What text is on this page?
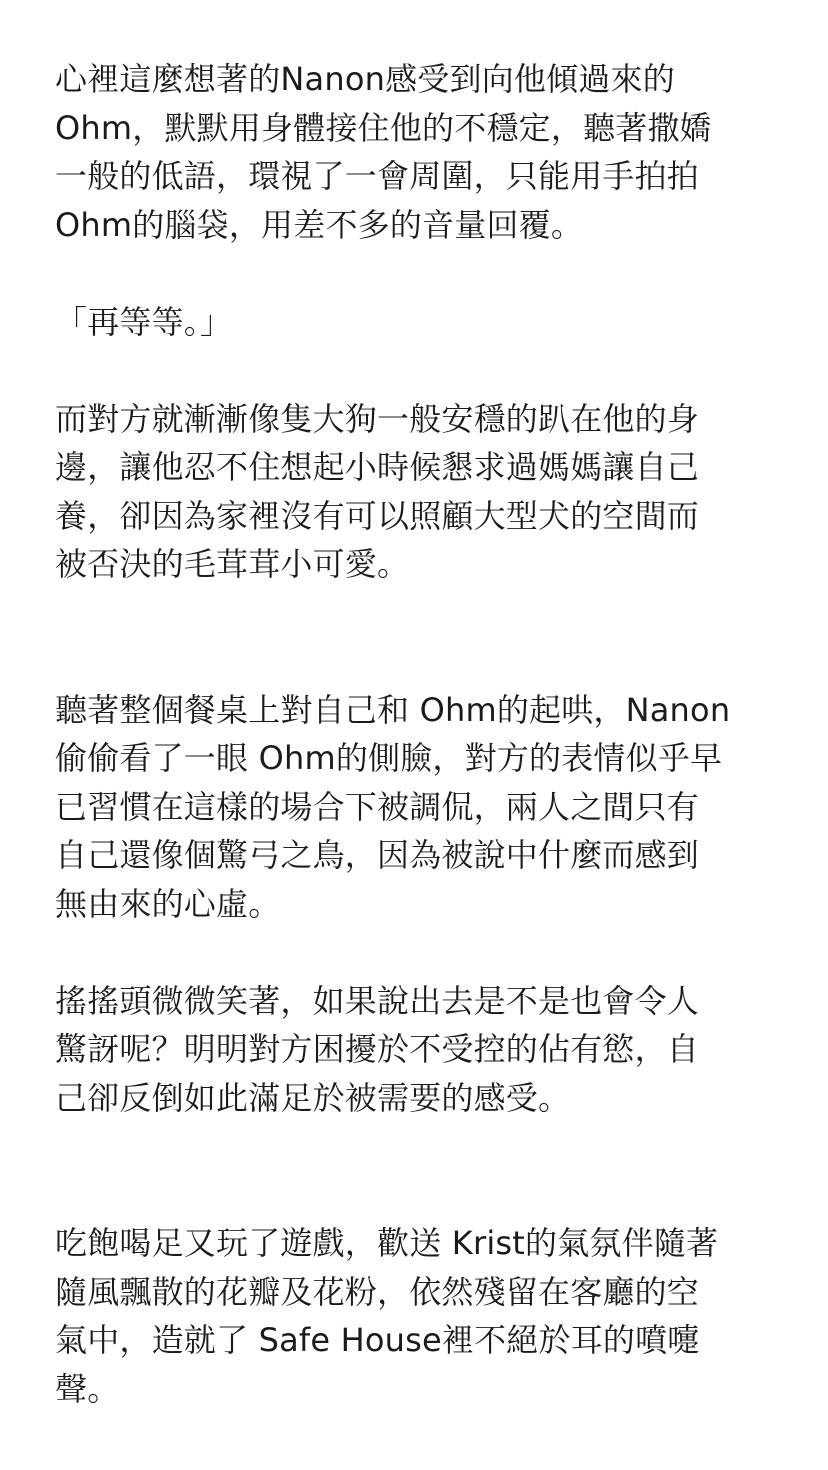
心裡這麼想著的Nanon感受到向他傾過來的
Ohm，默默用身體接住他的不穩定，聽著撒嬌
一般的低語，環視了一會周圍，只能用手拍拍
Ohm的腦袋，用差不多的音量回覆。

「再等等。」

而對方就漸漸像隻大狗一般安穩的趴在他的身
邊，讓他忍不住想起小時候懇求過媽媽讓自己
養，卻因為家裡沒有可以照顧大型犬的空間而
被否決的毛茸茸小可愛。

聽著整個餐桌上對自己和 Ohm的起哄，Nanon
偷偷看了一眼 Ohm的側臉，對方的表情似乎早
已習慣在這樣的場合下被調侃，兩人之間只有
自己還像個驚弓之鳥，因為被說中什麼而感到
無由來的心虛。

搖搖頭微微笑著，如果說出去是不是也會令人
驚訝呢？明明對方困擾於不受控的佔有慾，自
己卻反倒如此滿足於被需要的感受。

吃飽喝足又玩了遊戲，歡送 Krist的氣氛伴隨著
隨風飄散的花瓣及花粉，依然殘留在客廳的空
氣中，造就了 Safe House裡不絕於耳的噴嚏
聲。
